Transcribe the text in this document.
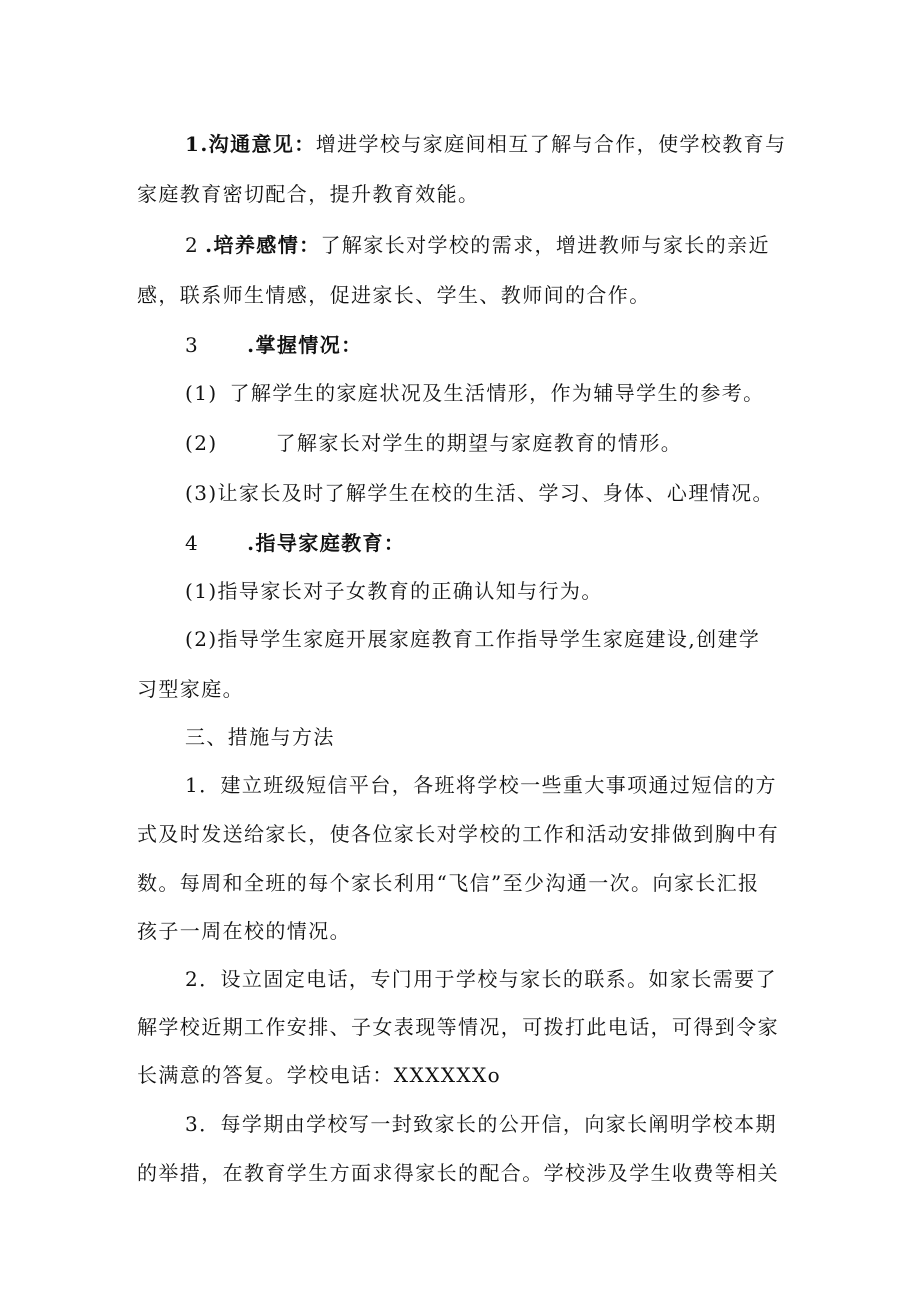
1.沟通意见：增进学校与家庭间相互了解与合作，使学校教育与
家庭教育密切配合，提升教育效能。
2 .培养感情：了解家长对学校的需求，增进教师与家长的亲近
感，联系师生情感，促进家长、学生、教师间的合作。
3 .掌握情况：
(1) 了解学生的家庭状况及生活情形，作为辅导学生的参考。
(2)	了解家长对学生的期望与家庭教育的情形。
(3)让家长及时了解学生在校的生活、学习、身体、心理情况。
4 .指导家庭教育：
(1)指导家长对子女教育的正确认知与行为。
(2)指导学生家庭开展家庭教育工作指导学生家庭建设,创建学
习型家庭。
三、措施与方法
1．建立班级短信平台，各班将学校一些重大事项通过短信的方
式及时发送给家长，使各位家长对学校的工作和活动安排做到胸中有
数。每周和全班的每个家长利用“飞信”至少沟通一次。向家长汇报
孩子一周在校的情况。
2．设立固定电话，专门用于学校与家长的联系。如家长需要了
解学校近期工作安排、子女表现等情况，可拨打此电话，可得到令家
长满意的答复。学校电话：XXXXXXo
3．每学期由学校写一封致家长的公开信，向家长阐明学校本期
的举措，在教育学生方面求得家长的配合。学校涉及学生收费等相关
